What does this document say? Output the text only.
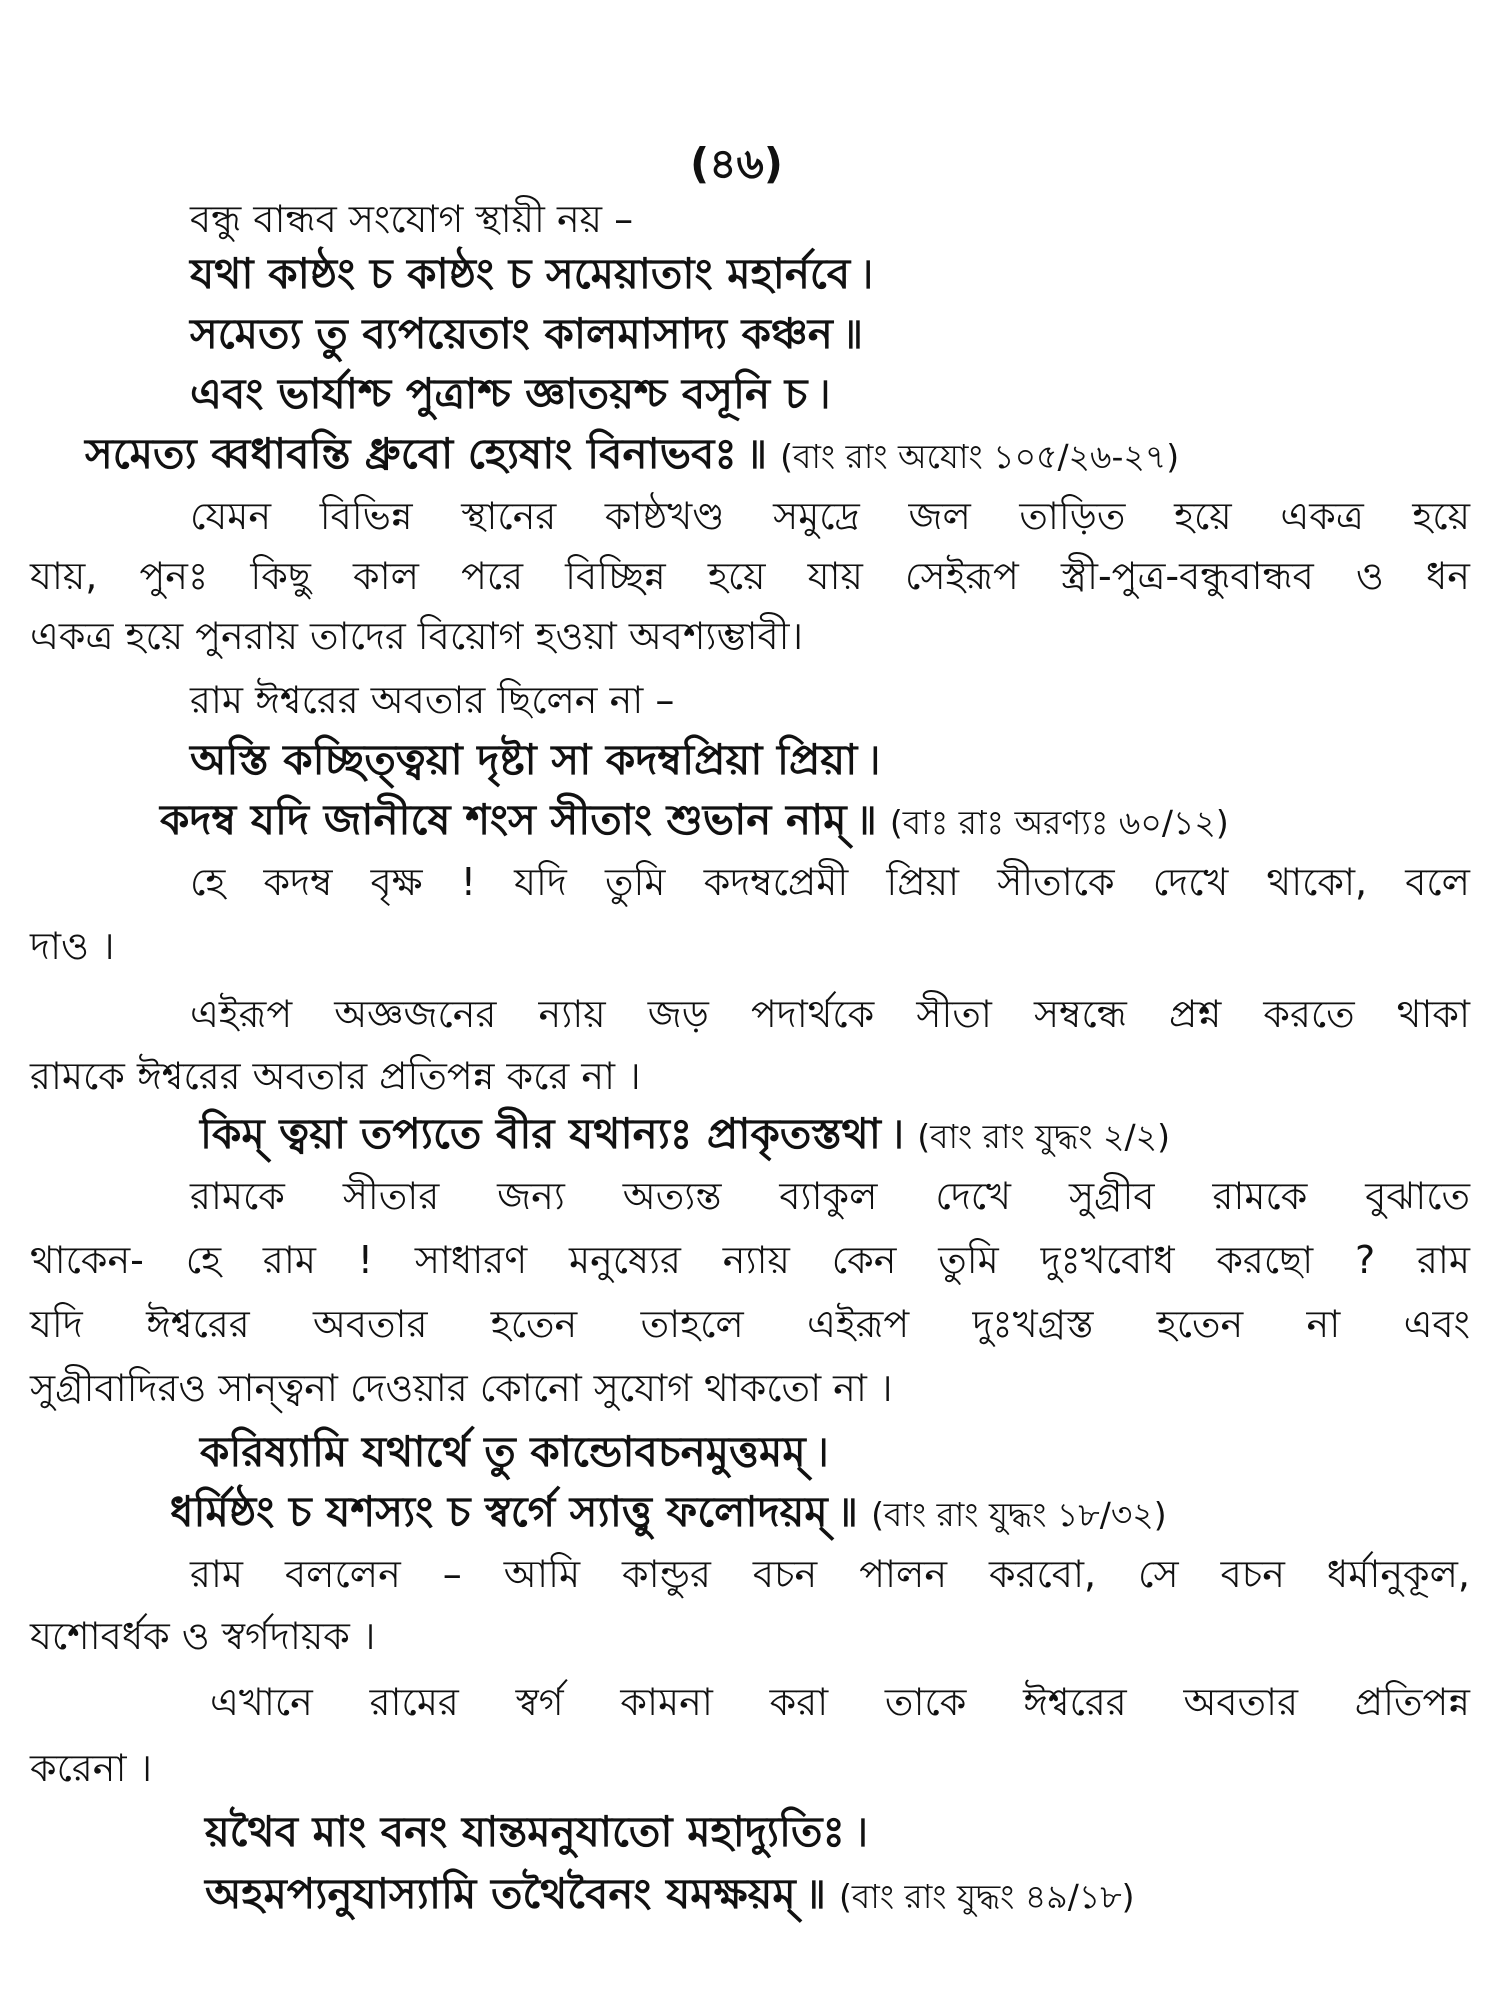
(৪৬)
বন্ধু বান্ধব সংযোগ স্থায়ী নয় –
যথা কাষ্ঠং চ কাষ্ঠং চ সমেয়াতাং মহার্নবে ৷
সমেত্য তু ব্যপয়েতাং কালমাসাদ্য কঞ্চন ৷৷
এবং ভার্যাশ্চ পুত্রাশ্চ জ্ঞাতয়শ্চ বসূনি চ ৷
সমেত্য ব্বধাবন্তি ধ্রুবো হ্যেষাং বিনাভবঃ ৷৷ (বাং রাং অযোং ১০৫/২৬-২৭)
যেমন বিভিন্ন স্থানের কাষ্ঠখণ্ড সমুদ্রে জল তাড়িত হয়ে একত্র হয়ে
যায়, পুনঃ কিছু কাল পরে বিচ্ছিন্ন হয়ে যায় সেইরূপ স্ত্রী-পুত্র-বন্ধুবান্ধব ও ধন
একত্র হয়ে পুনরায় তাদের বিয়োগ হওয়া অবশ্যম্ভাবী।
রাম ঈশ্বরের অবতার ছিলেন না –
অস্তি কচ্ছিত্ত্বয়া দৃষ্টা সা কদম্বপ্রিয়া প্রিয়া ৷
কদম্ব যদি জানীষে শংস সীতাং শুভান নাম্ ৷৷ (বাঃ রাঃ অরণ্যঃ ৬০/১২)
হে কদম্ব বৃক্ষ ! যদি তুমি কদম্বপ্রেমী প্রিয়া সীতাকে দেখে থাকো, বলে
দাও ।
এইরূপ অজ্ঞজনের ন্যায় জড় পদার্থকে সীতা সম্বন্ধে প্রশ্ন করতে থাকা
রামকে ঈশ্বরের অবতার প্রতিপন্ন করে না ।
কিম্ ত্বয়া তপ্যতে বীর যথান্যঃ প্রাকৃতস্তথা ৷ (বাং রাং যুদ্ধং ২/২)
রামকে সীতার জন্য অত্যন্ত ব্যাকুল দেখে সুগ্রীব রামকে বুঝাতে
থাকেন- হে রাম ! সাধারণ মনুষ্যের ন্যায় কেন তুমি দুঃখবোধ করছো ? রাম
যদি ঈশ্বরের অবতার হতেন তাহলে এইরূপ দুঃখগ্রস্ত হতেন না এবং
সুগ্রীবাদিরও সান্ত্বনা দেওয়ার কোনো সুযোগ থাকতো না ।
করিষ্যামি যথার্থে তু কান্ডোবচনমুত্তমম্ ৷
ধর্মিষ্ঠং চ যশস্যং চ স্বর্গে স্যাত্তু ফলোদয়ম্ ৷৷ (বাং রাং যুদ্ধং ১৮/৩২)
রাম বললেন – আমি কান্ডুর বচন পালন করবো, সে বচন ধর্মানুকূল,
যশোবর্ধক ও স্বর্গদায়ক ।
এখানে রামের স্বর্গ কামনা করা তাকে ঈশ্বরের অবতার প্রতিপন্ন
করেনা ।
য়থৈব মাং বনং যান্তমনুযাতো মহাদ্যুতিঃ ৷
অহমপ্যনুযাস্যামি তথৈবৈনং যমক্ষয়ম্ ৷৷ (বাং রাং যুদ্ধং ৪৯/১৮)
